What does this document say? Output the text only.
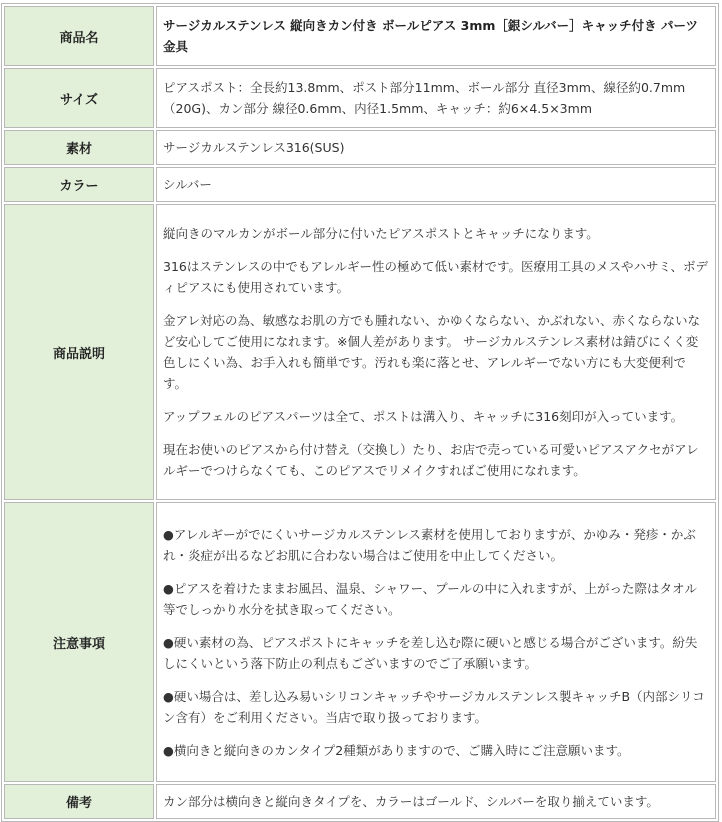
商品名	サージカルステンレス 縦向きカン付き ボールピアス 3mm［銀シルバー］キャッチ付き パーツ 金具
サイズ	ピアスポスト：全長約13.8mm、ポスト部分11mm、ボール部分 直径3mm、線径約0.7mm（20G)、カン部分 線径0.6mm、内径1.5mm、キャッチ：約6×4.5×3mm
素材	サージカルステンレス316(SUS)
カラー	シルバー
商品説明	縦向きのマルカンがボール部分に付いたピアスポストとキャッチになります。

316はステンレスの中でもアレルギー性の極めて低い素材です。医療用工具のメスやハサミ、ボディピアスにも使用されています。

金アレ対応の為、敏感なお肌の方でも腫れない、かゆくならない、かぶれない、赤くならないなど安心してご使用になれます。※個人差があります。 サージカルステンレス素材は錆びにくく変色しにくい為、お手入れも簡単です。汚れも楽に落とせ、アレルギーでない方にも大変便利です。

アップフェルのピアスパーツは全て、ポストは溝入り、キャッチに316刻印が入っています。

現在お使いのピアスから付け替え（交換し）たり、お店で売っている可愛いピアスアクセがアレルギーでつけらなくても、このピアスでリメイクすればご使用になれます。

注意事項	●アレルギーがでにくいサージカルステンレス素材を使用しておりますが、かゆみ・発疹・かぶれ・炎症が出るなどお肌に合わない場合はご使用を中止してください。

●ピアスを着けたままお風呂、温泉、シャワー、プールの中に入れますが、上がった際はタオル等でしっかり水分を拭き取ってください。

●硬い素材の為、ピアスポストにキャッチを差し込む際に硬いと感じる場合がございます。紛失しにくいという落下防止の利点もございますのでご了承願います。

●硬い場合は、差し込み易いシリコンキャッチやサージカルステンレス製キャッチB（内部シリコン含有）をご利用ください。当店で取り扱っております。

●横向きと縦向きのカンタイプ2種類がありますので、ご購入時にご注意願います。

備考	カン部分は横向きと縦向きタイプを、カラーはゴールド、シルバーを取り揃えています。
